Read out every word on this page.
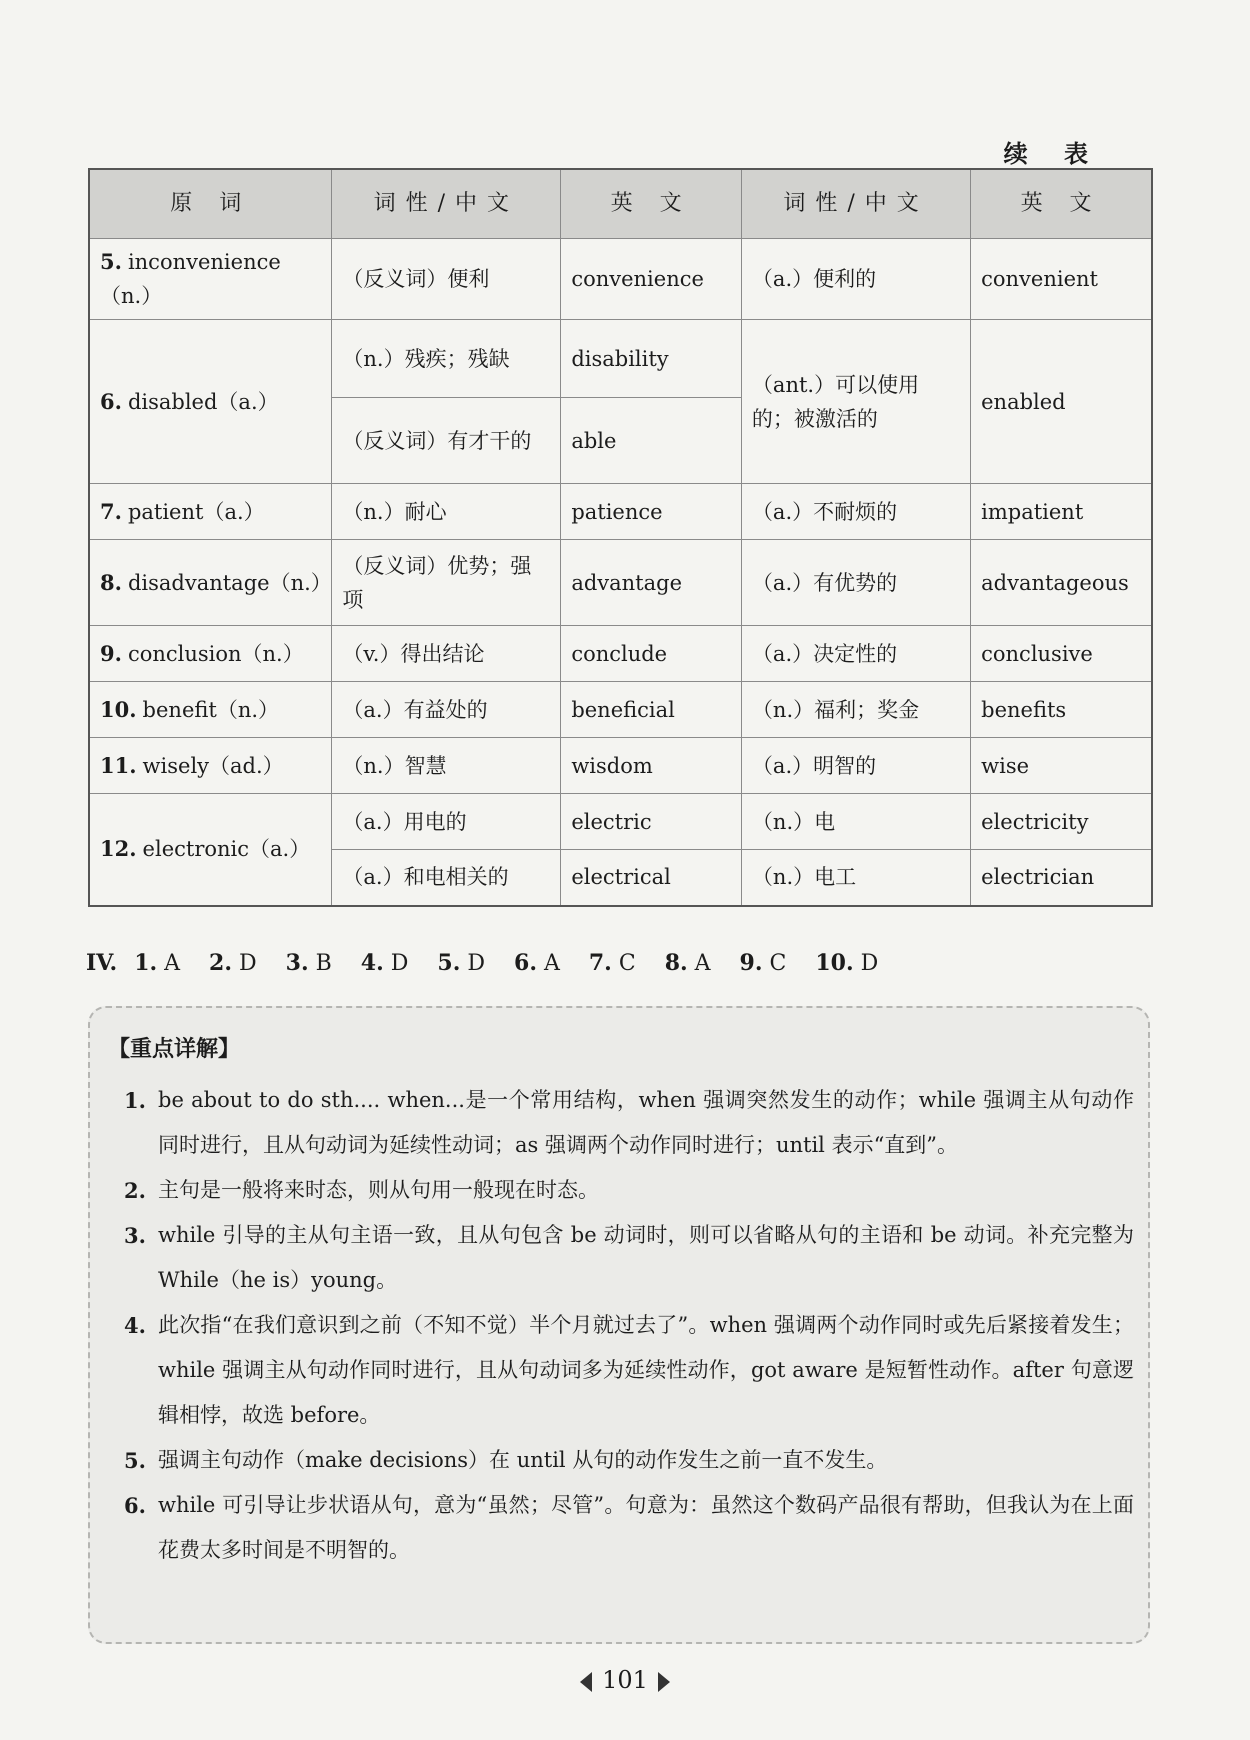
续 表
原 词	词性/中文	英 文	词性/中文	英 文
5. inconvenience（n.）	（反义词）便利	convenience	（a.）便利的	convenient
6. disabled（a.）	（n.）残疾；残缺	disability	（ant.）可以使用的；被激活的	enabled
	（反义词）有才干的	able		
7. patient（a.）	（n.）耐心	patience	（a.）不耐烦的	impatient
8. disadvantage（n.）	（反义词）优势；强项	advantage	（a.）有优势的	advantageous
9. conclusion（n.）	（v.）得出结论	conclude	（a.）决定性的	conclusive
10. benefit（n.）	（a.）有益处的	beneficial	（n.）福利；奖金	benefits
11. wisely（ad.）	（n.）智慧	wisdom	（a.）明智的	wise
12. electronic（a.）	（a.）用电的	electric	（n.）电	electricity
	（a.）和电相关的	electrical	（n.）电工	electrician
IV. 1. A 2. D 3. B 4. D 5. D 6. A 7. C 8. A 9. C 10. D
【重点详解】
1. be about to do sth.... when...是一个常用结构，when 强调突然发生的动作；while 强调主从句动作同时进行，且从句动词为延续性动词；as 强调两个动作同时进行；until 表示“直到”。
2. 主句是一般将来时态，则从句用一般现在时态。
3. while 引导的主从句主语一致，且从句包含 be 动词时，则可以省略从句的主语和 be 动词。补充完整为 While（he is）young。
4. 此次指“在我们意识到之前（不知不觉）半个月就过去了”。when 强调两个动作同时或先后紧接着发生；while 强调主从句动作同时进行，且从句动词多为延续性动作，got aware 是短暂性动作。after 句意逻辑相悖，故选 before。
5. 强调主句动作（make decisions）在 until 从句的动作发生之前一直不发生。
6. while 可引导让步状语从句，意为“虽然；尽管”。句意为：虽然这个数码产品很有帮助，但我认为在上面花费太多时间是不明智的。
101
